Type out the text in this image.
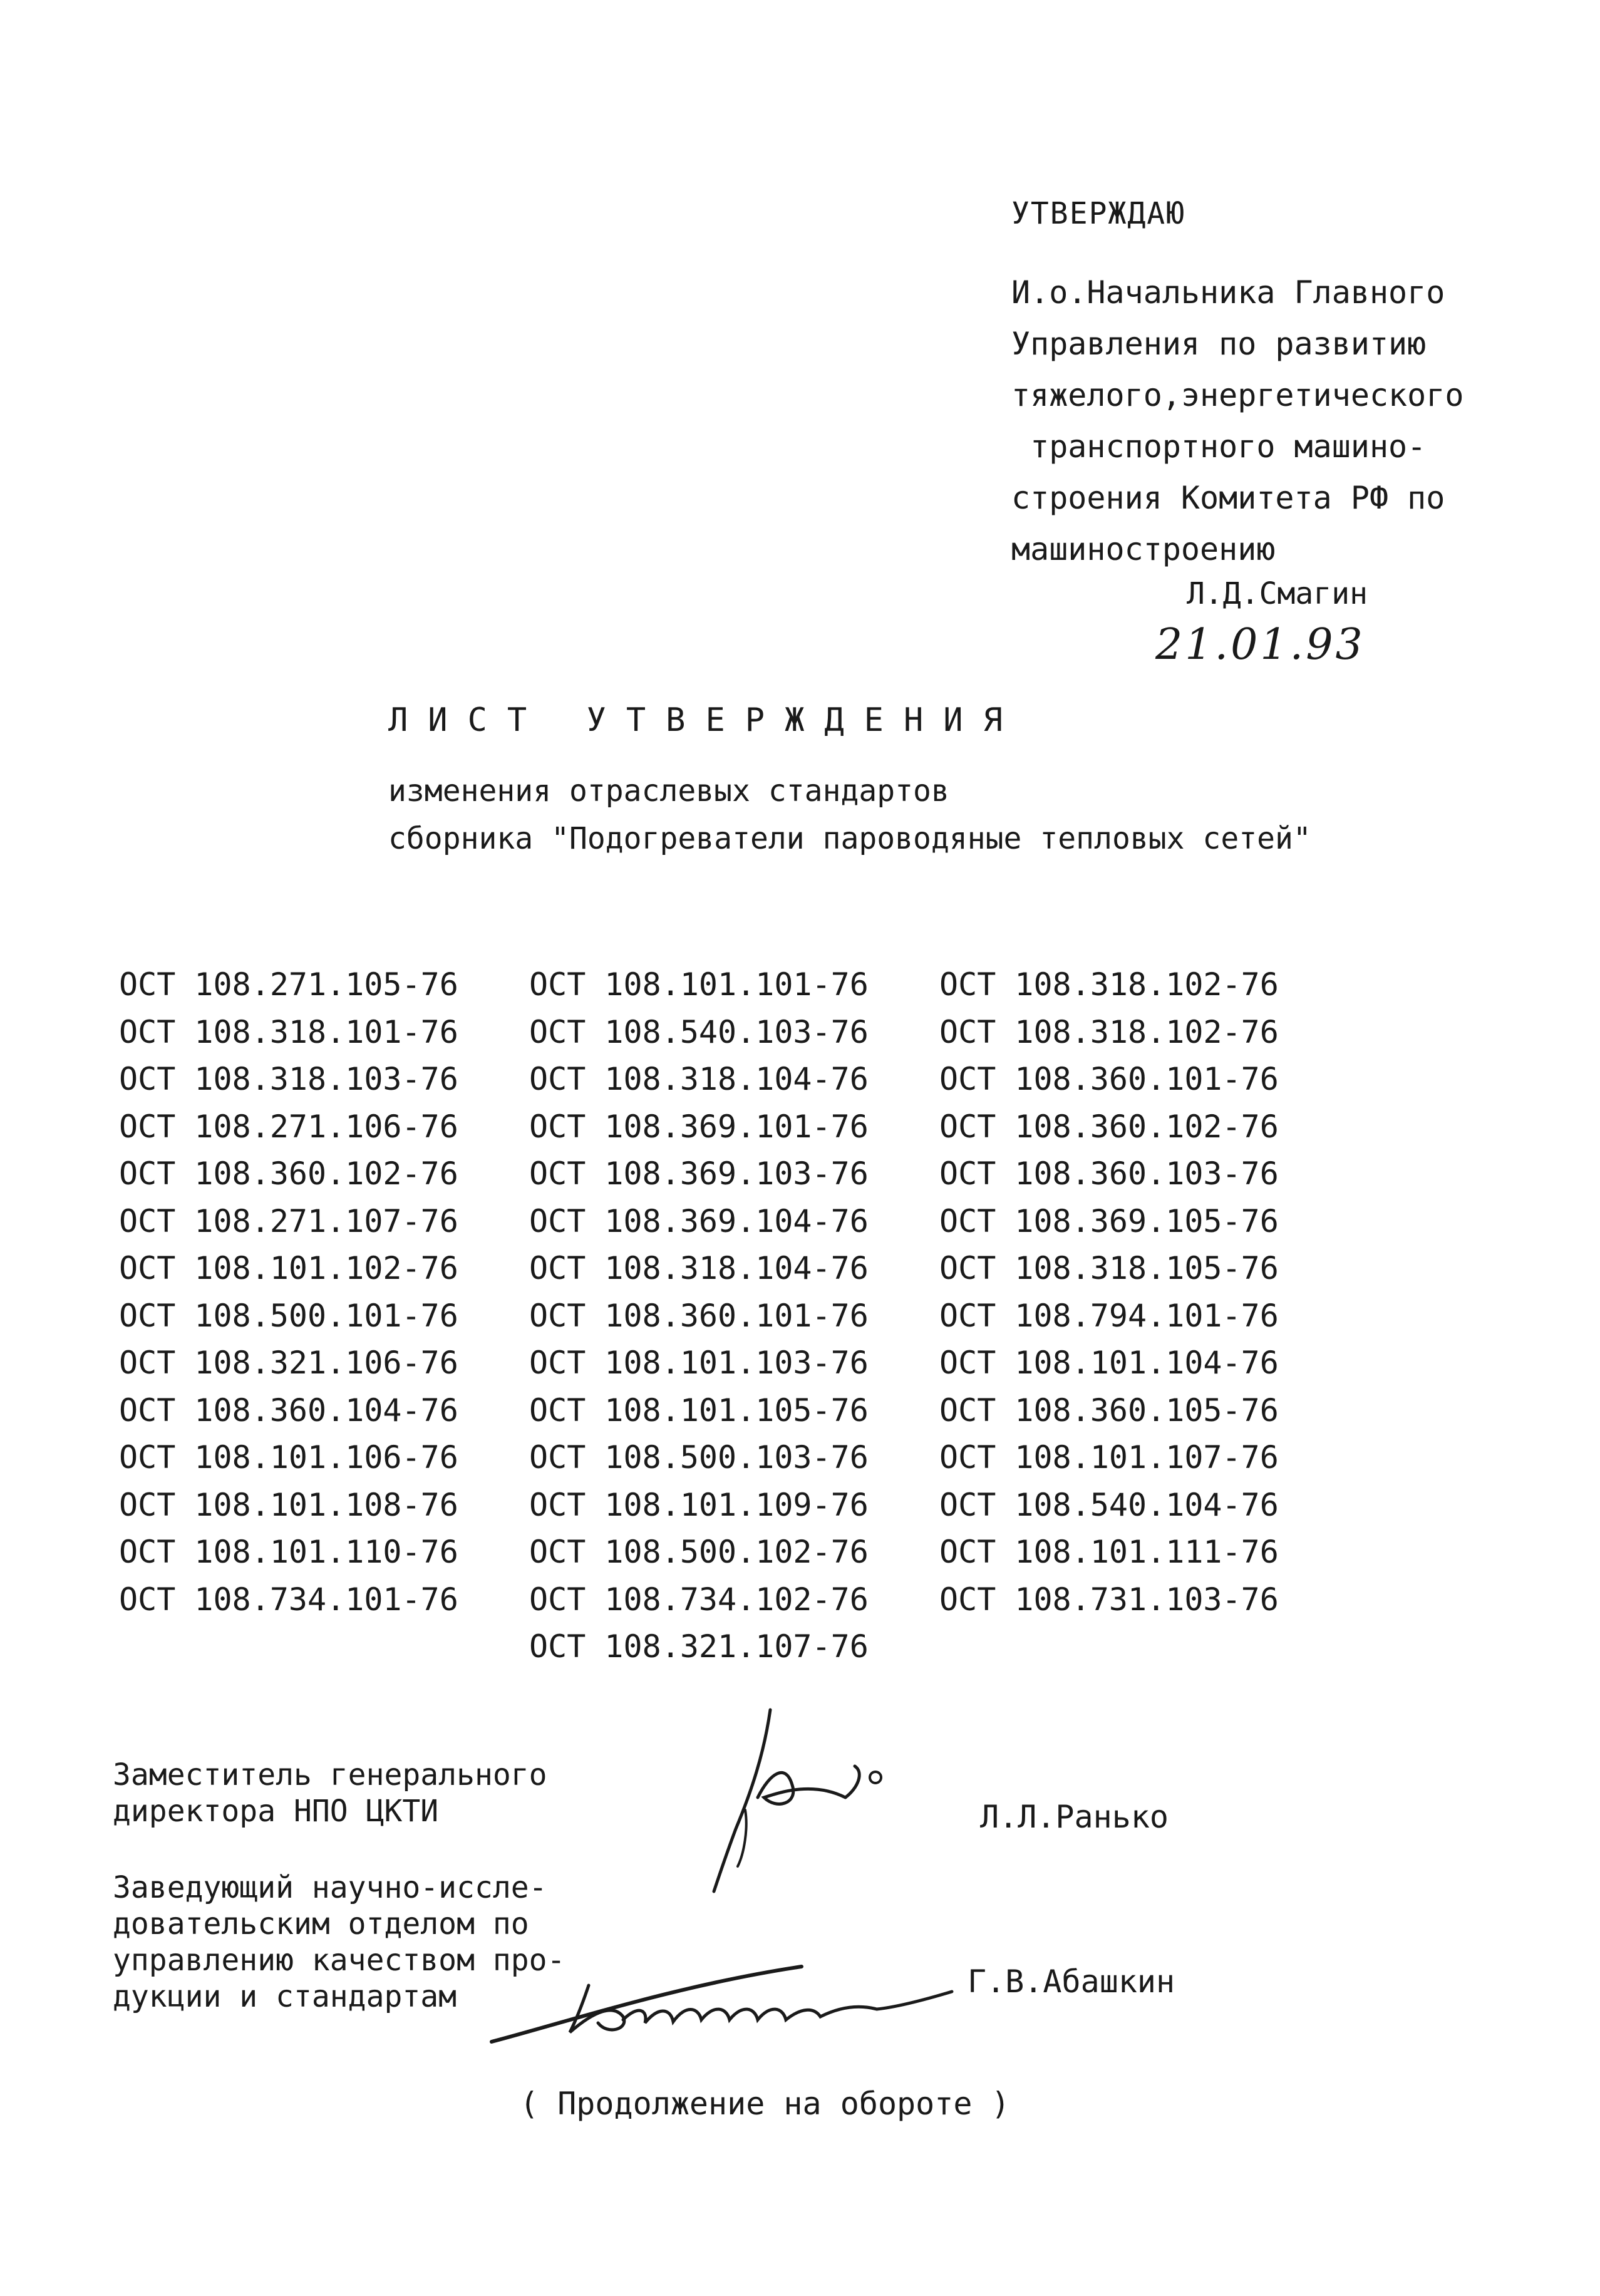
УТВЕРЖДАЮ
И.о.Начальника Главного
Управления по развитию
тяжелого,энергетического
транспортного машино-
строения Комитета РФ по
машиностроению
Л.Д.Смагин
21.01.93
ЛИСТ УТВЕРЖДЕНИЯ
изменения отраслевых стандартов
сборника "Подогреватели пароводяные тепловых сетей"
ОСТ 108.271.105-76
ОСТ 108.318.101-76
ОСТ 108.318.103-76
ОСТ 108.271.106-76
ОСТ 108.360.102-76
ОСТ 108.271.107-76
ОСТ 108.101.102-76
ОСТ 108.500.101-76
ОСТ 108.321.106-76
ОСТ 108.360.104-76
ОСТ 108.101.106-76
ОСТ 108.101.108-76
ОСТ 108.101.110-76
ОСТ 108.734.101-76
ОСТ 108.101.101-76
ОСТ 108.540.103-76
ОСТ 108.318.104-76
ОСТ 108.369.101-76
ОСТ 108.369.103-76
ОСТ 108.369.104-76
ОСТ 108.318.104-76
ОСТ 108.360.101-76
ОСТ 108.101.103-76
ОСТ 108.101.105-76
ОСТ 108.500.103-76
ОСТ 108.101.109-76
ОСТ 108.500.102-76
ОСТ 108.734.102-76
ОСТ 108.321.107-76
ОСТ 108.318.102-76
ОСТ 108.318.102-76
ОСТ 108.360.101-76
ОСТ 108.360.102-76
ОСТ 108.360.103-76
ОСТ 108.369.105-76
ОСТ 108.318.105-76
ОСТ 108.794.101-76
ОСТ 108.101.104-76
ОСТ 108.360.105-76
ОСТ 108.101.107-76
ОСТ 108.540.104-76
ОСТ 108.101.111-76
ОСТ 108.731.103-76
Заместитель генерального
директора НПО ЦКТИ	Л.Л.Ранько
Заведующий научно-иссле-
довательским отделом по
управлению качеством про-
дукции и стандартам	Г.В.Абашкин
( Продолжение на обороте )
